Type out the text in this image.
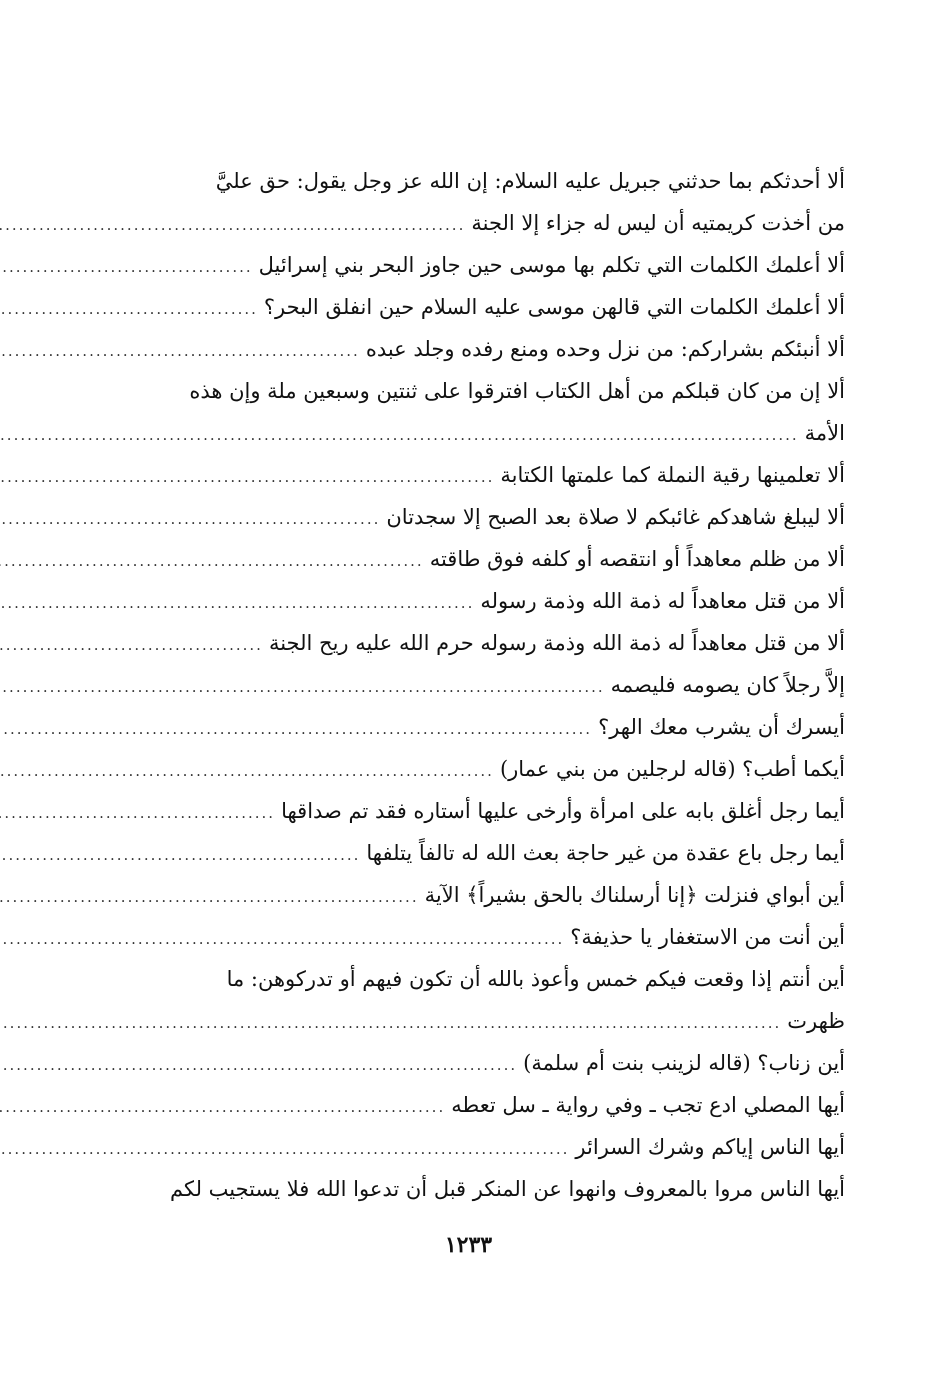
ألا أحدثكم بما حدثني جبريل عليه السلام: إن الله عز وجل يقول: حق عليَّ
من أخذت كريمتيه أن ليس له جزاء إلا الجنة
.....
ألا أعلمك الكلمات التي تكلم بها موسى حين جاوز البحر بني إسرائيل
.....
ألا أعلمك الكلمات التي قالهن موسى عليه السلام حين انفلق البحر؟
.....
ألا أنبئكم بشراركم: من نزل وحده ومنع رفده وجلد عبده
.....
ألا إن من كان قبلكم من أهل الكتاب افترقوا على ثنتين وسبعين ملة وإن هذه
الأمة
.....
ألا تعلمينها رقية النملة كما علمتها الكتابة
.....
ألا ليبلغ شاهدكم غائبكم لا صلاة بعد الصبح إلا سجدتان
.....
ألا من ظلم معاهداً أو انتقصه أو كلفه فوق طاقته
.....
ألا من قتل معاهداً له ذمة الله وذمة رسوله
.....
ألا من قتل معاهداً له ذمة الله وذمة رسوله حرم الله عليه ريح الجنة
.....
إلاَّ رجلاً كان يصومه فليصمه
.....
أيسرك أن يشرب معك الهر؟
.....
أيكما أطب؟ (قاله لرجلين من بني عمار)
.....
أيما رجل أغلق بابه على امرأة وأرخى عليها أستاره فقد تم صداقها
.....
أيما رجل باع عقدة من غير حاجة بعث الله له تالفاً يتلفها
.....
أين أبواي فنزلت ﴿إنا أرسلناك بالحق بشيراً﴾ الآية
.....
أين أنت من الاستغفار يا حذيفة؟
.....
أين أنتم إذا وقعت فيكم خمس وأعوذ بالله أن تكون فيهم أو تدركوهن: ما
ظهرت
.....
أين زناب؟ (قاله لزينب بنت أم سلمة)
.....
أيها المصلي ادع تجب ـ وفي رواية ـ سل تعطه
.....
أيها الناس إياكم وشرك السرائر
.....
أيها الناس مروا بالمعروف وانهوا عن المنكر قبل أن تدعوا الله فلا يستجيب لكم
١٢٣٣
